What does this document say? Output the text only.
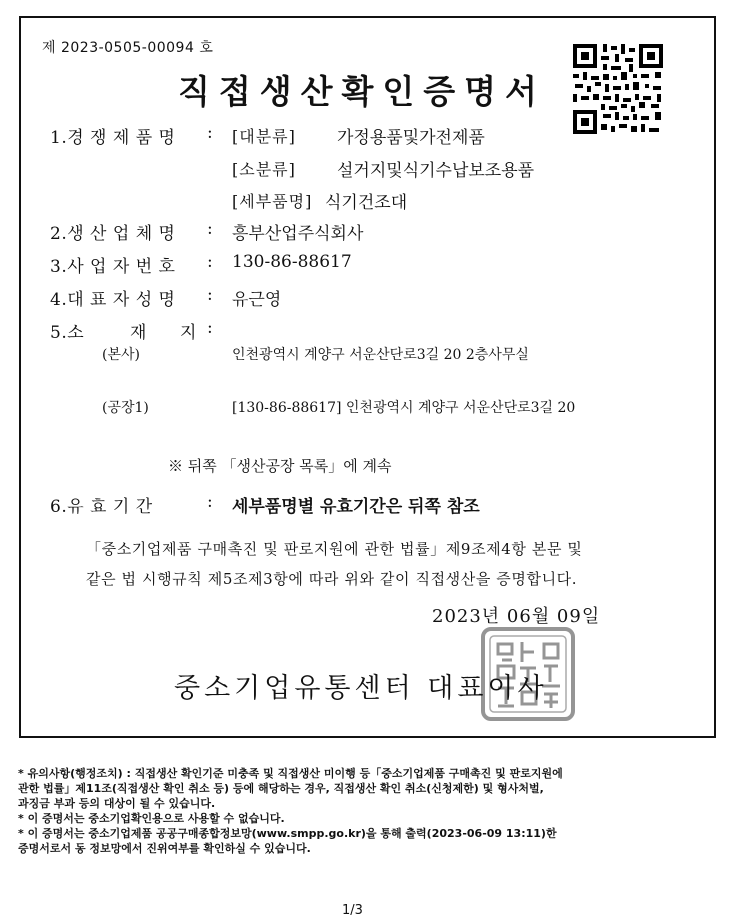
제 2023-0505-00094 호
직접생산확인증명서
1.경 쟁 제 품 명 : [대분류] 가정용품및가전제품
[소분류] 설거지및식기수납보조용품
[세부품명] 식기건조대
2.생 산 업 체 명 : 흥부산업주식회사
3.사 업 자 번 호 : 130-86-88617
4.대 표 자 성 명 : 유근영
5.소	재 지 :
(본사)	인천광역시 계양구 서운산단로3길 20 2층사무실
(공장1)	[130-86-88617] 인천광역시 계양구 서운산단로3길 20
※ 뒤쪽 「생산공장 목록」에 계속
6.유 효 기 간	: 세부품명별 유효기간은 뒤쪽 참조
「중소기업제품 구매촉진 및 판로지원에 관한 법률」제9조제4항 본문 및
같은 법 시행규칙 제5조제3항에 따라 위와 같이 직접생산을 증명합니다.
2023년 06월 09일
중소기업유통센터 대표이사
* 유의사항(행정조치) : 직접생산 확인기준 미충족 및 직접생산 미이행 등「중소기업제품 구매촉진 및 판로지원에
관한 법률」제11조(직접생산 확인 취소 등) 등에 해당하는 경우, 직접생산 확인 취소(신청제한) 및 형사처벌,
과징금 부과 등의 대상이 될 수 있습니다.
* 이 증명서는 중소기업확인용으로 사용할 수 없습니다.
* 이 증명서는 중소기업제품 공공구매종합정보망(www.smpp.go.kr)을 통해 출력(2023-06-09 13:11)한
증명서로서 동 정보망에서 진위여부를 확인하실 수 있습니다.
1/3
